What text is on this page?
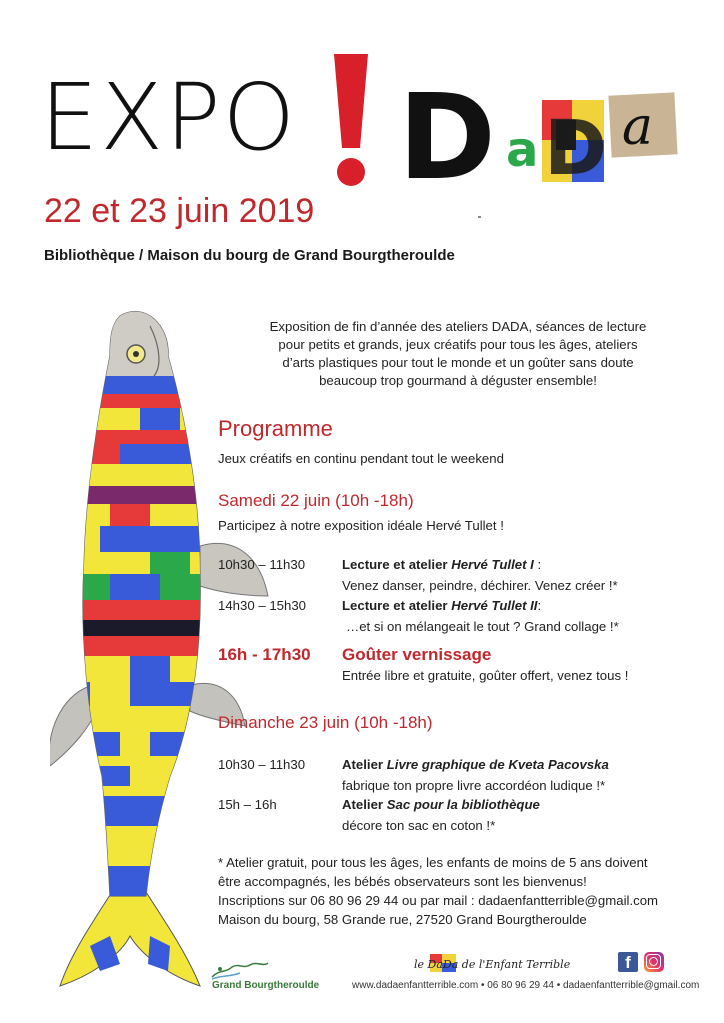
EXPO D a D a
22 et 23 juin 2019
Bibliothèque / Maison du bourg de Grand Bourgtheroulde
Exposition de fin d’année des ateliers DADA, séances de lecture
pour petits et grands, jeux créatifs pour tous les âges, ateliers
d’arts plastiques pour tout le monde et un goûter sans doute
beaucoup trop gourmand à déguster ensemble!
Programme
Jeux créatifs en continu pendant tout le weekend
Samedi 22 juin (10h -18h)
Participez à notre exposition idéale Hervé Tullet !
10h30 – 11h30	Lecture et atelier Hervé Tullet I :
Venez danser, peindre, déchirer. Venez créer !*
14h30 – 15h30	Lecture et atelier Hervé Tullet II:
…et si on mélangeait le tout ? Grand collage !*
16h - 17h30 Goûter vernissage
Entrée libre et gratuite, goûter offert, venez tous !
Dimanche 23 juin (10h -18h)
10h30 – 11h30	Atelier Livre graphique de Kveta Pacovska
fabrique ton propre livre accordéon ludique !*
15h – 16h	Atelier Sac pour la bibliothèque
décore ton sac en coton !*
* Atelier gratuit, pour tous les âges, les enfants de moins de 5 ans doivent
être accompagnés, les bébés observateurs sont les bienvenus!
Inscriptions sur 06 80 96 29 44 ou par mail : dadaenfantterrible@gmail.com
Maison du bourg, 58 Grande rue, 27520 Grand Bourgtheroulde
Grand Bourgtheroulde
le DaDa de l'Enfant Terrible
www.dadaenfantterrible.com • 06 80 96 29 44 • dadaenfantterrible@gmail.com
f
